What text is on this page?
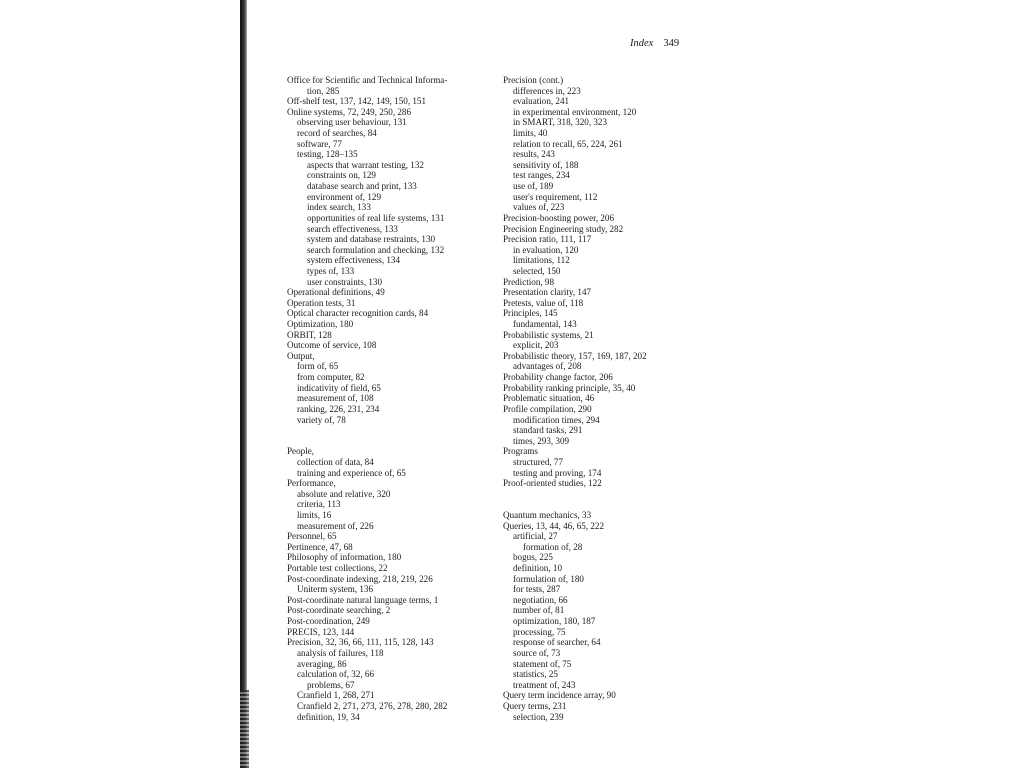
Index 349
Office for Scientific and Technical Informa-
tion, 285
Off-shelf test, 137, 142, 149, 150, 151
Online systems, 72, 249, 250, 286
observing user behaviour, 131
record of searches, 84
software, 77
testing, 128–135
aspects that warrant testing, 132
constraints on, 129
database search and print, 133
environment of, 129
index search, 133
opportunities of real life systems, 131
search effectiveness, 133
system and database restraints, 130
search formulation and checking, 132
system effectiveness, 134
types of, 133
user constraints, 130
Operational definitions, 49
Operation tests, 31
Optical character recognition cards, 84
Optimization, 180
ORBIT, 128
Outcome of service, 108
Output,
form of, 65
from computer, 82
indicativity of field, 65
measurement of, 108
ranking, 226, 231, 234
variety of, 78
People,
collection of data, 84
training and experience of, 65
Performance,
absolute and relative, 320
criteria, 113
limits, 16
measurement of, 226
Personnel, 65
Pertinence, 47, 68
Philosophy of information, 180
Portable test collections, 22
Post-coordinate indexing, 218, 219, 226
Uniterm system, 136
Post-coordinate natural language terms, 1
Post-coordinate searching, 2
Post-coordination, 249
PRECIS, 123, 144
Precision, 32, 36, 66, 111, 115, 128, 143
analysis of failures, 118
averaging, 86
calculation of, 32, 66
problems, 67
Cranfield 1, 268, 271
Cranfield 2, 271, 273, 276, 278, 280, 282
definition, 19, 34
Precision (cont.)
differences in, 223
evaluation, 241
in experimental environment, 120
in SMART, 318, 320, 323
limits, 40
relation to recall, 65, 224, 261
results, 243
sensitivity of, 188
test ranges, 234
use of, 189
user's requirement, 112
values of, 223
Precision-boosting power, 206
Precision Engineering study, 282
Precision ratio, 111, 117
in evaluation, 120
limitations, 112
selected, 150
Prediction, 98
Presentation clarity, 147
Pretests, value of, 118
Principles, 145
fundamental, 143
Probabilistic systems, 21
explicit, 203
Probabilistic theory, 157, 169, 187, 202
advantages of, 208
Probability change factor, 206
Probability ranking principle, 35, 40
Problematic situation, 46
Profile compilation, 290
modification times, 294
standard tasks, 291
times, 293, 309
Programs
structured, 77
testing and proving, 174
Proof-oriented studies, 122
Quantum mechanics, 33
Queries, 13, 44, 46, 65, 222
artificial, 27
formation of, 28
bogus, 225
definition, 10
formulation of, 180
for tests, 287
negotiation, 66
number of, 81
optimization, 180, 187
processing, 75
response of searcher, 64
source of, 73
statement of, 75
statistics, 25
treatment of, 243
Query term incidence array, 90
Query terms, 231
selection, 239
